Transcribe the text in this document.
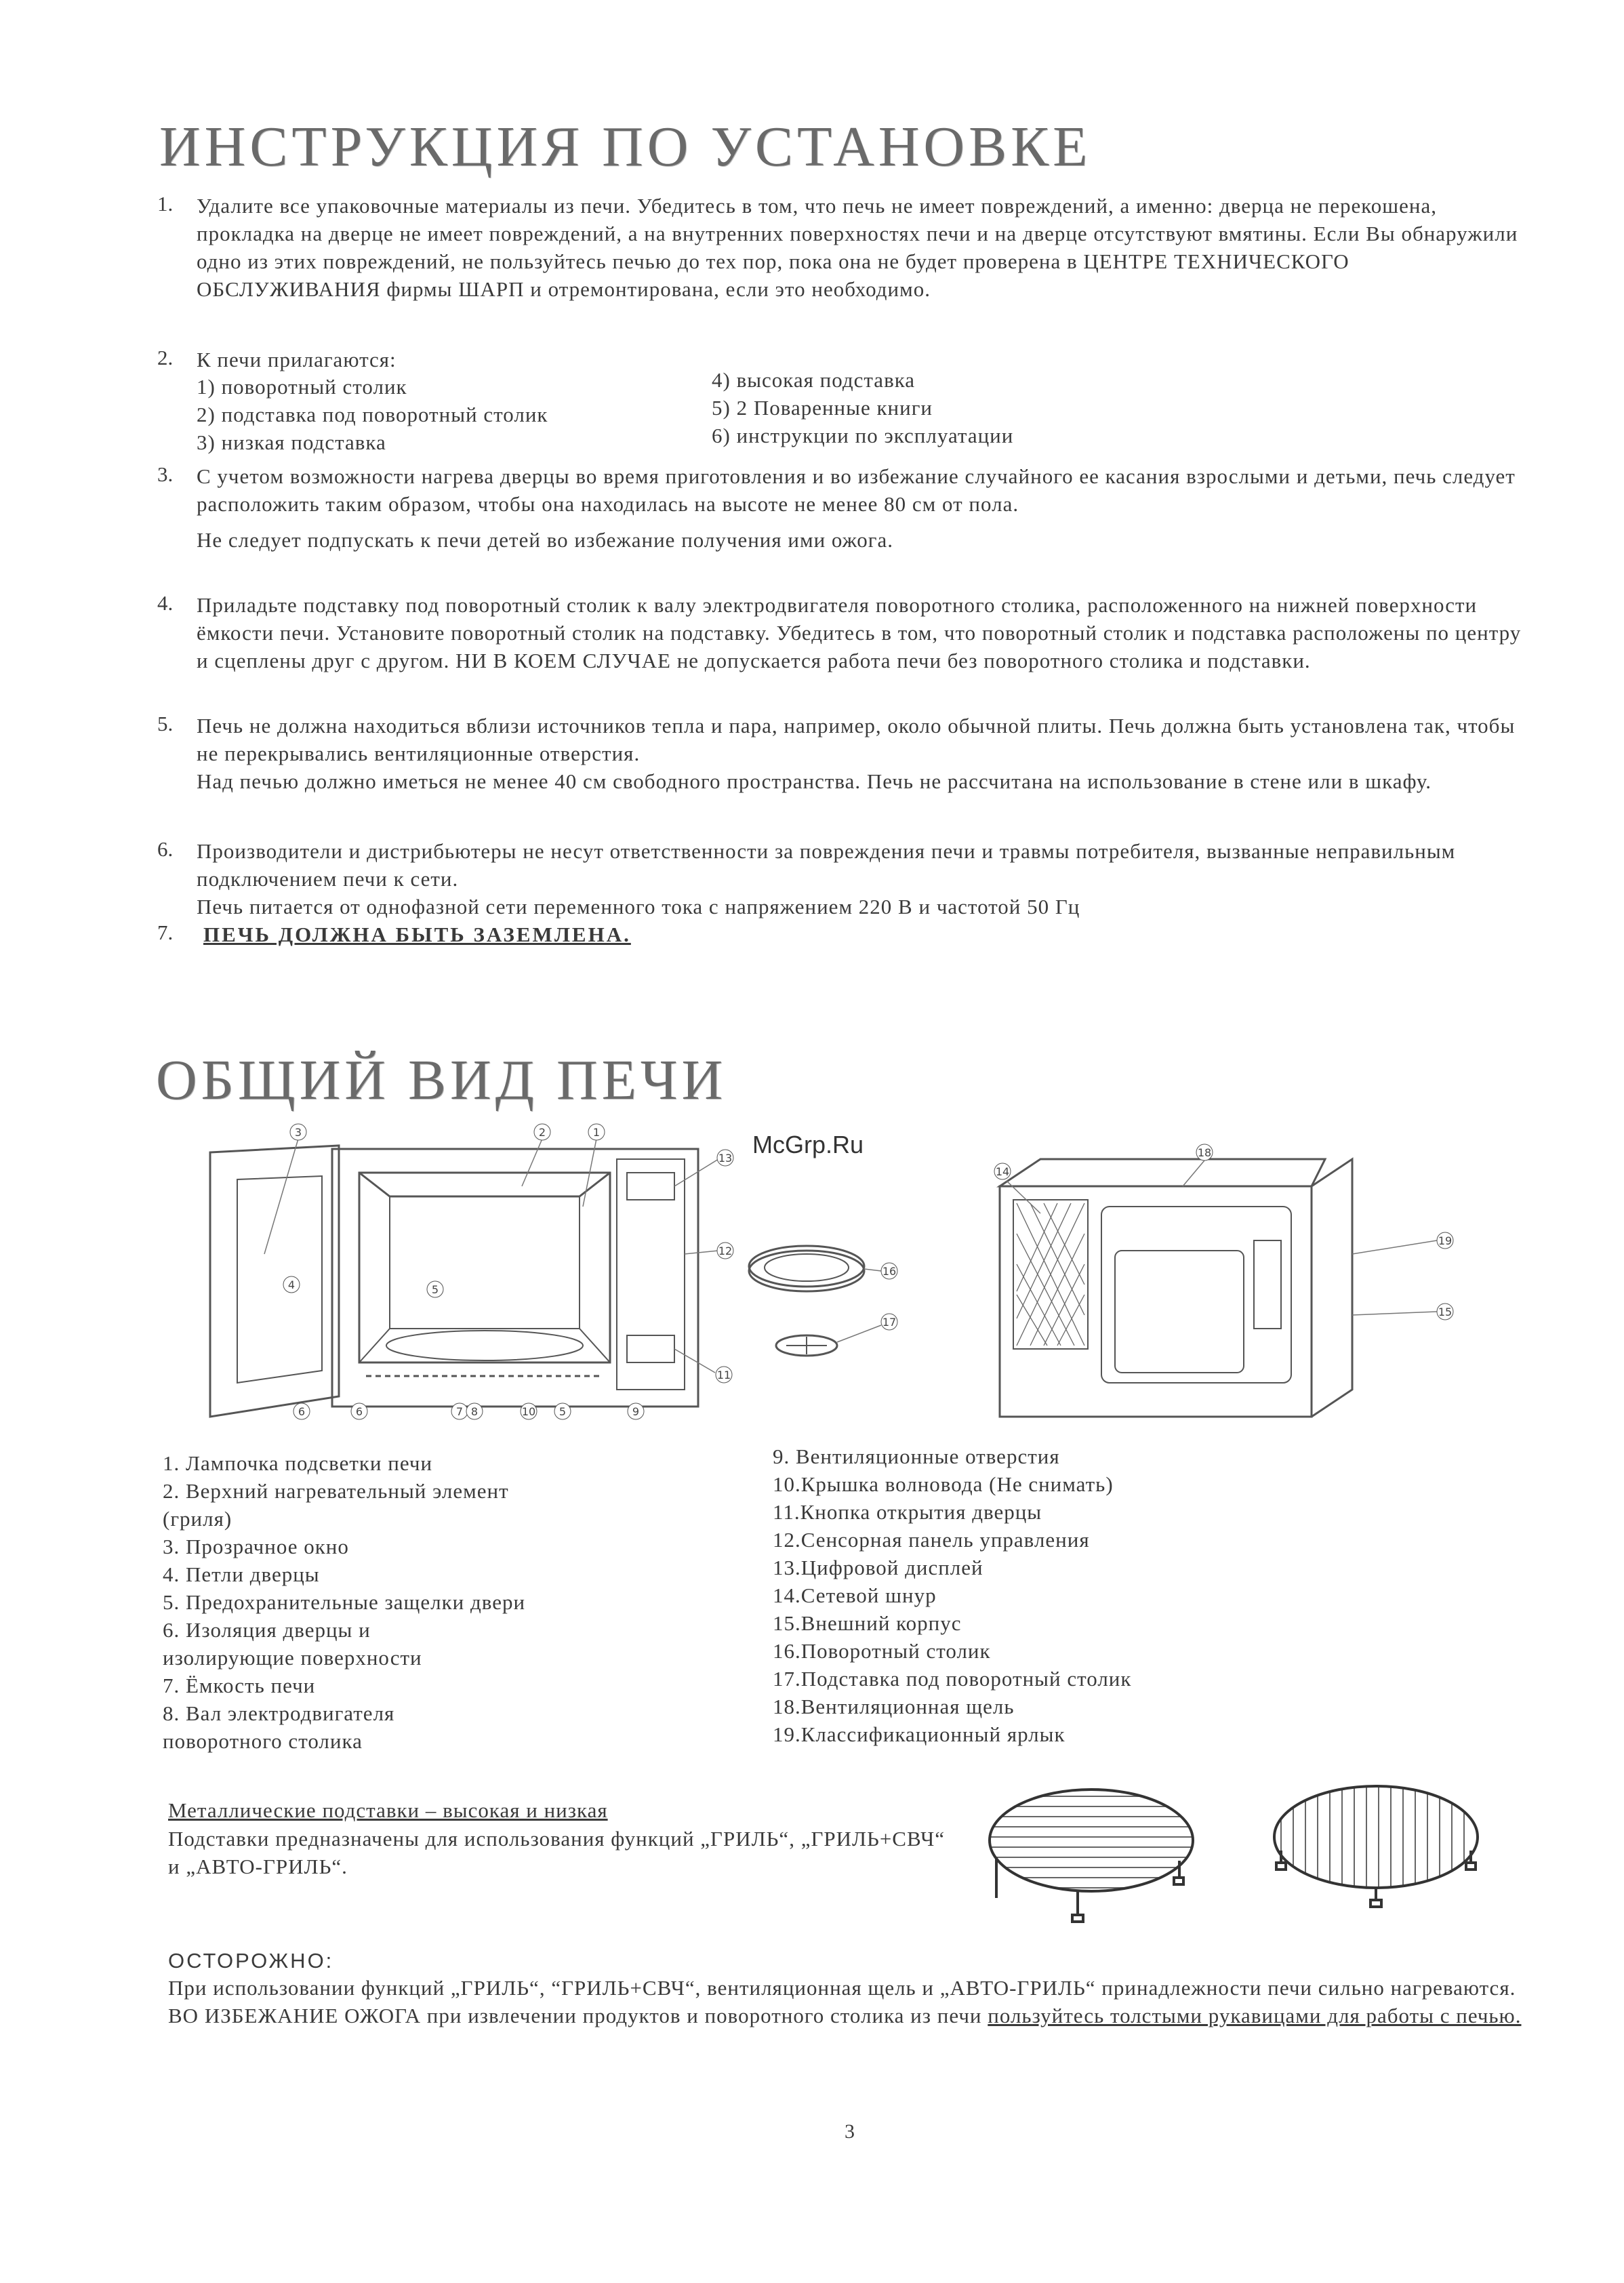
McGrp.Ru
ИНСТРУКЦИЯ ПО УСТАНОВКЕ
1.	Удалите все упаковочные материалы из печи. Убедитесь в том, что печь не имеет повреждений, а именно: дверца не перекошена, прокладка на дверце не имеет повреждений, а на внутренних поверхностях печи и на дверце отсутствуют вмятины. Если Вы обнаружили одно из этих повреждений, не пользуйтесь печью до тех пор, пока она не будет проверена в ЦЕНТРЕ ТЕХНИЧЕСКОГО ОБСЛУЖИВАНИЯ фирмы ШАРП и отремонтирована, если это необходимо.

2.	К печи прилагаются:
1) поворотный столик
2) подставка под поворотный столик
3) низкая подставка
4) высокая подставка
5) 2 Поваренные книги
6) инструкции по эксплуатации
3.	С учетом возможности нагрева дверцы во время приготовления и во избежание случайного ее касания взрослыми и детьми, печь следует расположить таким образом, чтобы она находилась на высоте не менее 80 см от пола.

Не следует подпускать к печи детей во избежание получения ими ожога.

4.	Приладьте подставку под поворотный столик к валу электродвигателя поворотного столика, расположенного на нижней поверхности ёмкости печи. Установите поворотный столик на подставку. Убедитесь в том, что поворотный столик и подставка расположены по центру и сцеплены друг с другом. НИ В КОЕМ СЛУЧАЕ не допускается работа печи без поворотного столика и подставки.

5.	Печь не должна находиться вблизи источников тепла и пара, например, около обычной плиты. Печь должна быть установлена так, чтобы не перекрывались вентиляционные отверстия.

Над печью должно иметься не менее 40 см свободного пространства. Печь не рассчитана на использование в стене или в шкафу.

6.	Производители и дистрибьютеры не несут ответственности за повреждения печи и травмы потребителя, вызванные неправильным подключением печи к сети.

Печь питается от однофазной сети переменного тока с напряжением 220 В и частотой 50 Гц

7.	ПЕЧЬ ДОЛЖНА БЫТЬ ЗАЗЕМЛЕНА.
ОБЩИЙ ВИД ПЕЧИ
3	2	1
13
12
16
17
11
4
6	6
5
7 8	10 5	9
14
18
19
15
1. Лампочка подсветки печи
2. Верхний нагревательный элемент
(гриля)
3. Прозрачное окно
4. Петли дверцы
5. Предохранительные защелки двери
6. Изоляция дверцы и
изолирующие поверхности
7. Ёмкость печи
8. Вал электродвигателя
поворотного столика
9. Вентиляционные отверстия
10.Крышка волновода (Не снимать)
11.Кнопка открытия дверцы
12.Сенсорная панель управления
13.Цифровой дисплей
14.Сетевой шнур
15.Внешний корпус
16.Поворотный столик
17.Подставка под поворотный столик
18.Вентиляционная щель
19.Классификационный ярлык
Металлические подставки – высокая и низкая
Подставки предназначены для использования функций „ГРИЛЬ“, „ГРИЛЬ+СВЧ“ и „АВТО-ГРИЛЬ“.
ОСТОРОЖНО:
При использовании функций „ГРИЛЬ“, “ГРИЛЬ+СВЧ“, вентиляционная щель и „АВТО-ГРИЛЬ“ принадлежности печи сильно нагреваются. ВО ИЗБЕЖАНИЕ ОЖОГА при извлечении продуктов и поворотного столика из печи пользуйтесь толстыми рукавицами для работы с печью.
3
